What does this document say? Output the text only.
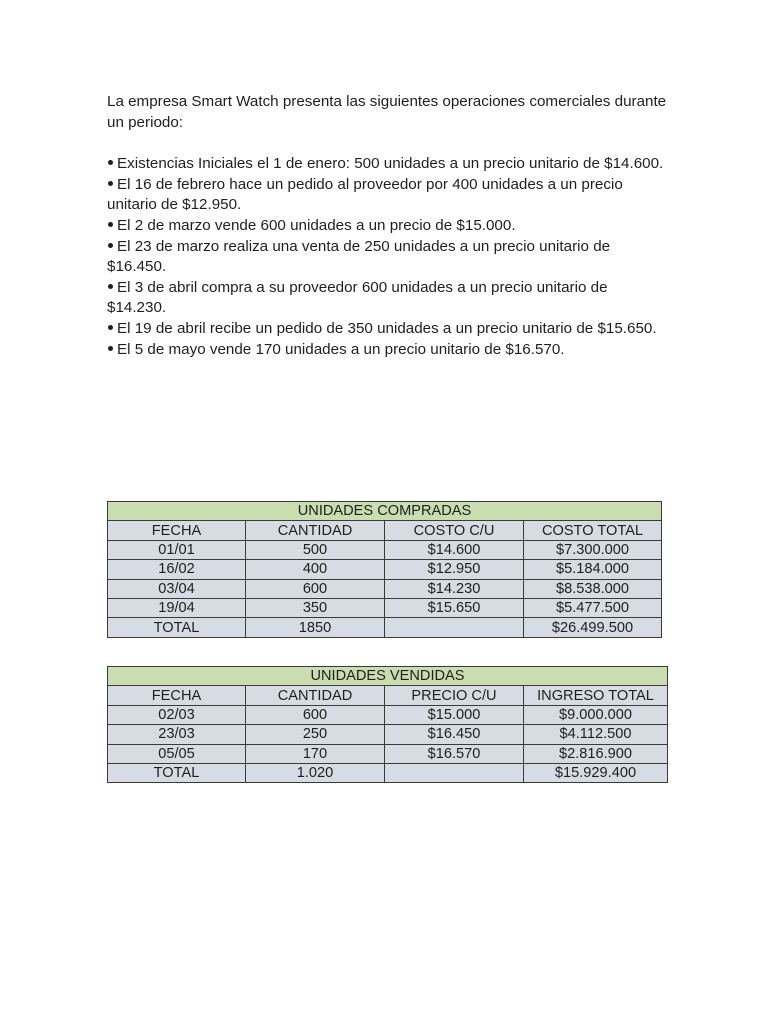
La empresa Smart Watch presenta las siguientes operaciones comerciales durante un periodo:

Existencias Iniciales el 1 de enero: 500 unidades a un precio unitario de $14.600.
El 16 de febrero hace un pedido al proveedor por 400 unidades a un precio unitario de $12.950.
El 2 de marzo vende 600 unidades a un precio de $15.000.
El 23 de marzo realiza una venta de 250 unidades a un precio unitario de $16.450.
El 3 de abril compra a su proveedor 600 unidades a un precio unitario de $14.230.
El 19 de abril recibe un pedido de 350 unidades a un precio unitario de $15.650.
El 5 de mayo vende 170 unidades a un precio unitario de $16.570.
UNIDADES COMPRADAS			
FECHA	CANTIDAD	COSTO C/U	COSTO TOTAL
01/01	500	$14.600	$7.300.000
16/02	400	$12.950	$5.184.000
03/04	600	$14.230	$8.538.000
19/04	350	$15.650	$5.477.500
TOTAL	1850		$26.499.500
UNIDADES VENDIDAS			
FECHA	CANTIDAD	PRECIO C/U	INGRESO TOTAL
02/03	600	$15.000	$9.000.000
23/03	250	$16.450	$4.112.500
05/05	170	$16.570	$2.816.900
TOTAL	1.020		$15.929.400
